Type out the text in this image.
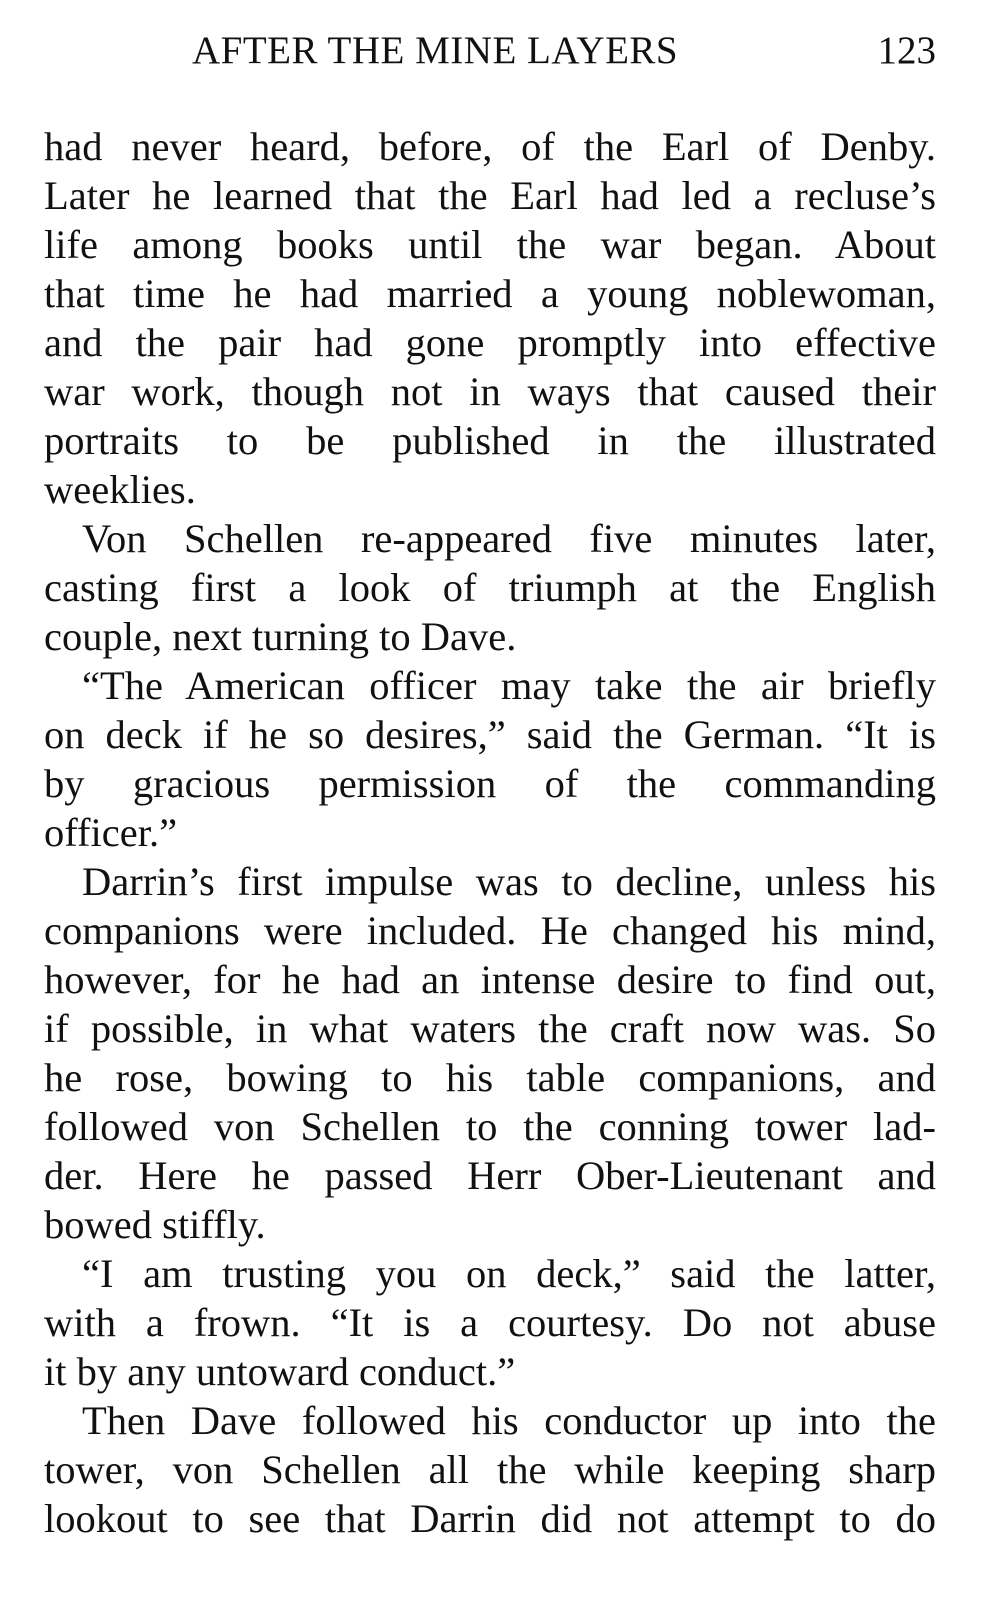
AFTER THE MINE LAYERS	123
had never heard, before, of the Earl of Denby.
Later he learned that the Earl had led a recluse’s
life among books until the war began. About
that time he had married a young noblewoman,
and the pair had gone promptly into effective
war work, though not in ways that caused their
portraits to be published in the illustrated
weeklies.
Von Schellen re-appeared five minutes later,
casting first a look of triumph at the English
couple, next turning to Dave.
“The American officer may take the air briefly
on deck if he so desires,” said the German. “It is
by gracious permission of the commanding
officer.”
Darrin’s first impulse was to decline, unless his
companions were included. He changed his mind,
however, for he had an intense desire to find out,
if possible, in what waters the craft now was. So
he rose, bowing to his table companions, and
followed von Schellen to the conning tower lad-
der. Here he passed Herr Ober-Lieutenant and
bowed stiffly.
“I am trusting you on deck,” said the latter,
with a frown. “It is a courtesy. Do not abuse
it by any untoward conduct.”
Then Dave followed his conductor up into the
tower, von Schellen all the while keeping sharp
lookout to see that Darrin did not attempt to do
